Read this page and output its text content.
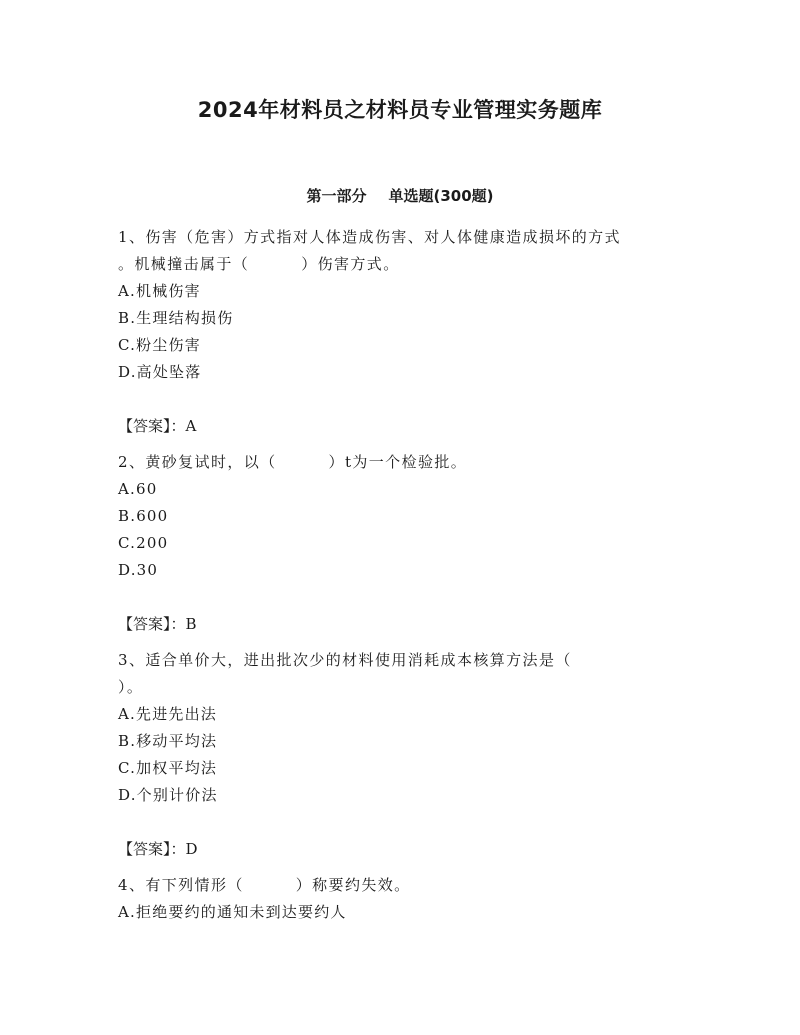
2024年材料员之材料员专业管理实务题库
第一部分 单选题(300题)
1、伤害（危害）方式指对人体造成伤害、对人体健康造成损坏的方式
。机械撞击属于（	）伤害方式。
A.机械伤害
B.生理结构损伤
C.粉尘伤害
D.高处坠落
【答案】：A
2、黄砂复试时，以（	）t为一个检验批。
A.60
B.600
C.200
D.30
【答案】：B
3、适合单价大，进出批次少的材料使用消耗成本核算方法是（
）。
A.先进先出法
B.移动平均法
C.加权平均法
D.个别计价法
【答案】：D
4、有下列情形（	）称要约失效。
A.拒绝要约的通知未到达要约人
